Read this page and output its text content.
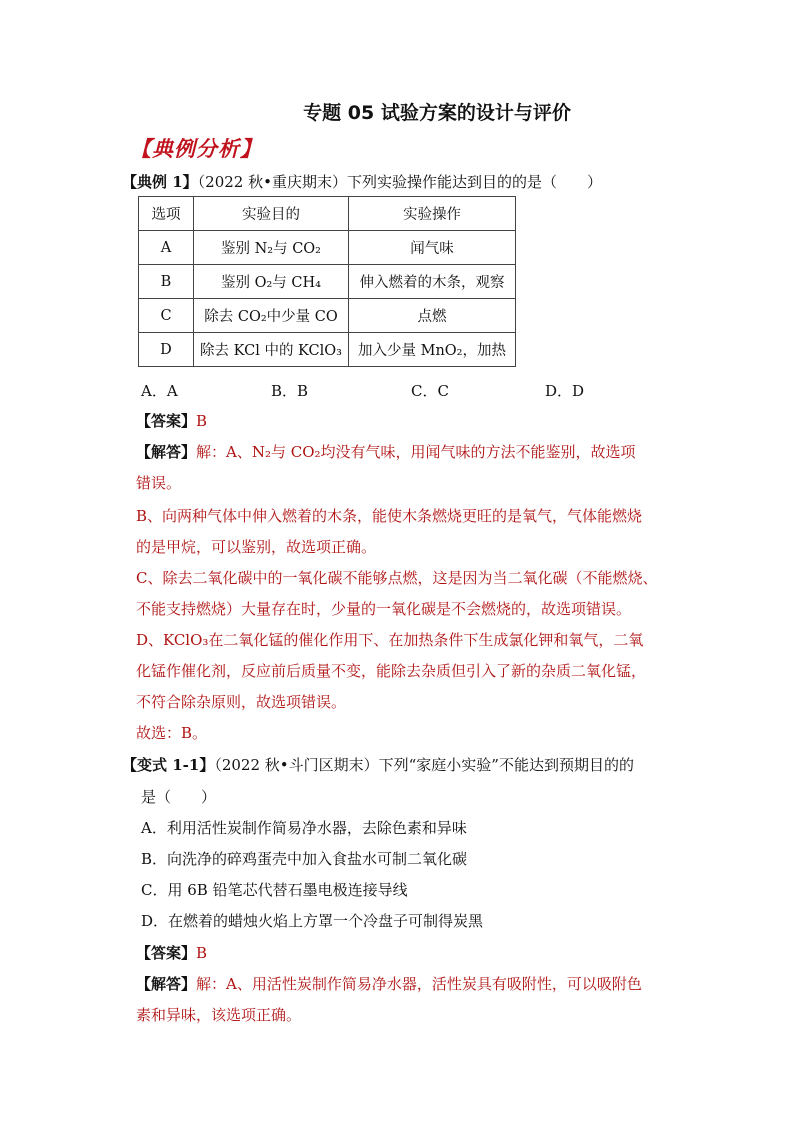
专题 05 试验方案的设计与评价
【典例分析】
【典例 1】（2022 秋•重庆期末）下列实验操作能达到目的的是（　　）
选项	实验目的	实验操作
A	鉴别 N₂与 CO₂	闻气味
B	鉴别 O₂与 CH₄	伸入燃着的木条，观察
C	除去 CO₂中少量 CO	点燃
D	除去 KCl 中的 KClO₃	加入少量 MnO₂，加热
A．A	B．B	C．C	D．D
【答案】B
【解答】解：A、N₂与 CO₂均没有气味，用闻气味的方法不能鉴别，故选项
错误。
B、向两种气体中伸入燃着的木条，能使木条燃烧更旺的是氧气，气体能燃烧
的是甲烷，可以鉴别，故选项正确。
C、除去二氧化碳中的一氧化碳不能够点燃，这是因为当二氧化碳（不能燃烧、
不能支持燃烧）大量存在时，少量的一氧化碳是不会燃烧的，故选项错误。
D、KClO₃在二氧化锰的催化作用下、在加热条件下生成氯化钾和氧气，二氧
化锰作催化剂，反应前后质量不变，能除去杂质但引入了新的杂质二氧化锰，
不符合除杂原则，故选项错误。
故选：B。
【变式 1-1】（2022 秋•斗门区期末）下列“家庭小实验”不能达到预期目的的
是（　　）
A．利用活性炭制作简易净水器，去除色素和异味
B．向洗净的碎鸡蛋壳中加入食盐水可制二氧化碳
C．用 6B 铅笔芯代替石墨电极连接导线
D．在燃着的蜡烛火焰上方罩一个冷盘子可制得炭黑
【答案】B
【解答】解：A、用活性炭制作简易净水器，活性炭具有吸附性，可以吸附色
素和异味，该选项正确。
